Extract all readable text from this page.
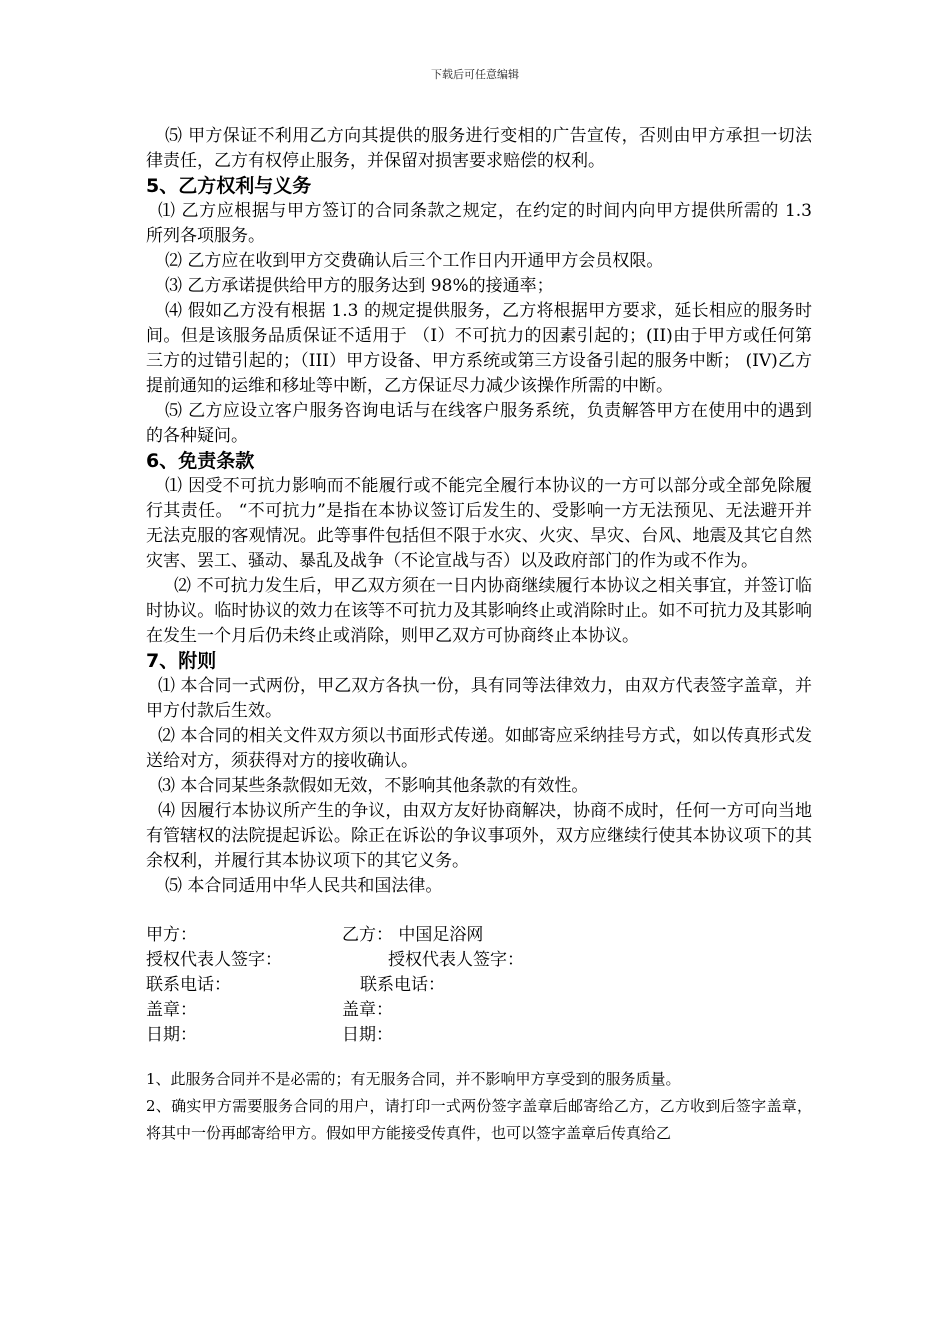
下载后可任意编辑

⑸ 甲方保证不利用乙方向其提供的服务进行变相的广告宣传，否则由甲方承担一切法律责任，乙方有权停止服务，并保留对损害要求赔偿的权利。

5、乙方权利与义务

⑴ 乙方应根据与甲方签订的合同条款之规定，在约定的时间内向甲方提供所需的 1.3 所列各项服务。

⑵ 乙方应在收到甲方交费确认后三个工作日内开通甲方会员权限。

⑶ 乙方承诺提供给甲方的服务达到 98%的接通率；

⑷ 假如乙方没有根据 1.3 的规定提供服务，乙方将根据甲方要求，延长相应的服务时间。但是该服务品质保证不适用于 （I）不可抗力的因素引起的；(II)由于甲方或任何第三方的过错引起的；（III）甲方设备、甲方系统或第三方设备引起的服务中断； (IV)乙方提前通知的运维和移址等中断，乙方保证尽力减少该操作所需的中断。

⑸ 乙方应设立客户服务咨询电话与在线客户服务系统，负责解答甲方在使用中的遇到的各种疑问。

6、免责条款

⑴ 因受不可抗力影响而不能履行或不能完全履行本协议的一方可以部分或全部免除履行其责任。 “不可抗力”是指在本协议签订后发生的、受影响一方无法预见、无法避开并无法克服的客观情况。此等事件包括但不限于水灾、火灾、旱灾、台风、地震及其它自然灾害、罢工、骚动、暴乱及战争（不论宣战与否）以及政府部门的作为或不作为。

⑵ 不可抗力发生后，甲乙双方须在一日内协商继续履行本协议之相关事宜，并签订临时协议。临时协议的效力在该等不可抗力及其影响终止或消除时止。如不可抗力及其影响在发生一个月后仍未终止或消除，则甲乙双方可协商终止本协议。

7、附则

⑴ 本合同一式两份，甲乙双方各执一份，具有同等法律效力，由双方代表签字盖章，并甲方付款后生效。

⑵ 本合同的相关文件双方须以书面形式传递。如邮寄应采纳挂号方式，如以传真形式发送给对方，须获得对方的接收确认。

⑶ 本合同某些条款假如无效，不影响其他条款的有效性。

⑷ 因履行本协议所产生的争议，由双方友好协商解决，协商不成时，任何一方可向当地有管辖权的法院提起诉讼。除正在诉讼的争议事项外，双方应继续行使其本协议项下的其余权利，并履行其本协议项下的其它义务。

⑸ 本合同适用中华人民共和国法律。

甲方：	乙方： 中国足浴网
授权代表人签字：	授权代表人签字：
联系电话：	联系电话：
盖章：	盖章：
日期：	日期：

1、此服务合同并不是必需的；有无服务合同，并不影响甲方享受到的服务质量。

2、确实甲方需要服务合同的用户，请打印一式两份签字盖章后邮寄给乙方，乙方收到后签字盖章，将其中一份再邮寄给甲方。假如甲方能接受传真件，也可以签字盖章后传真给乙
